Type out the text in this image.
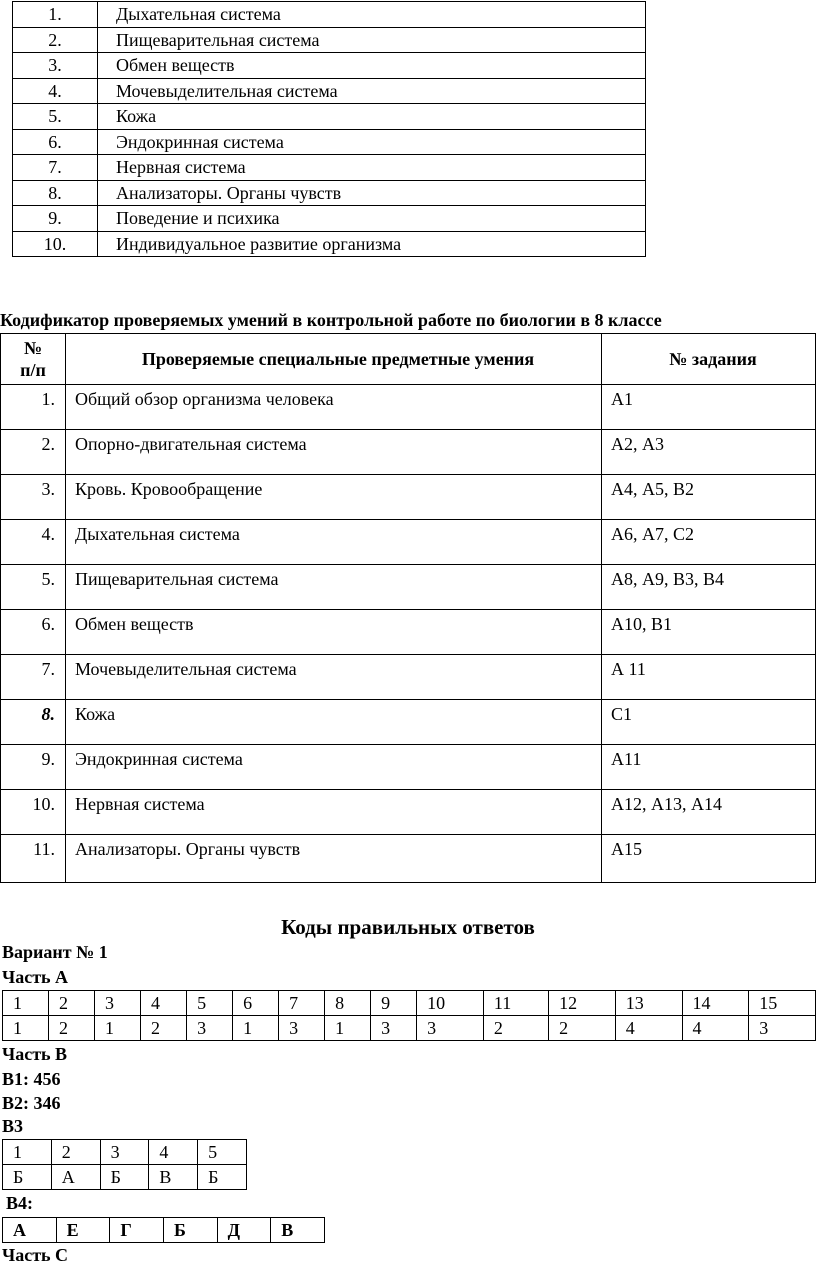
1.	Дыхательная система
2.	Пищеварительная система
3.	Обмен веществ
4.	Мочевыделительная система
5.	Кожа
6.	Эндокринная система
7.	Нервная система
8.	Анализаторы. Органы чувств
9.	Поведение и психика
10.	Индивидуальное развитие организма
Кодификатор проверяемых умений в контрольной работе по биологии в 8 классе
№
п/п	Проверяемые специальные предметные умения	№ задания
1.	Общий обзор организма человека	А1
2.	Опорно-двигательная система	А2, А3
3.	Кровь. Кровообращение	А4, А5, В2
4.	Дыхательная система	А6, А7, С2
5.	Пищеварительная система	А8, А9, В3, В4
6.	Обмен веществ	А10, В1
7.	Мочевыделительная система	А 11
8.	Кожа	С1
9.	Эндокринная система	А11
10.	Нервная система	А12, А13, А14
11.	Анализаторы. Органы чувств	А15
Коды правильных ответов
Вариант № 1
Часть А
1	2	3	4	5	6	7	8	9	10	11	12	13	14	15
1	2	1	2	3	1	3	1	3	3	2	2	4	4	3
Часть В
В1: 456
В2: 346
В3
1	2	3	4	5
Б	А	Б	В	Б
В4:
А	Е	Г	Б	Д	В
Часть С
